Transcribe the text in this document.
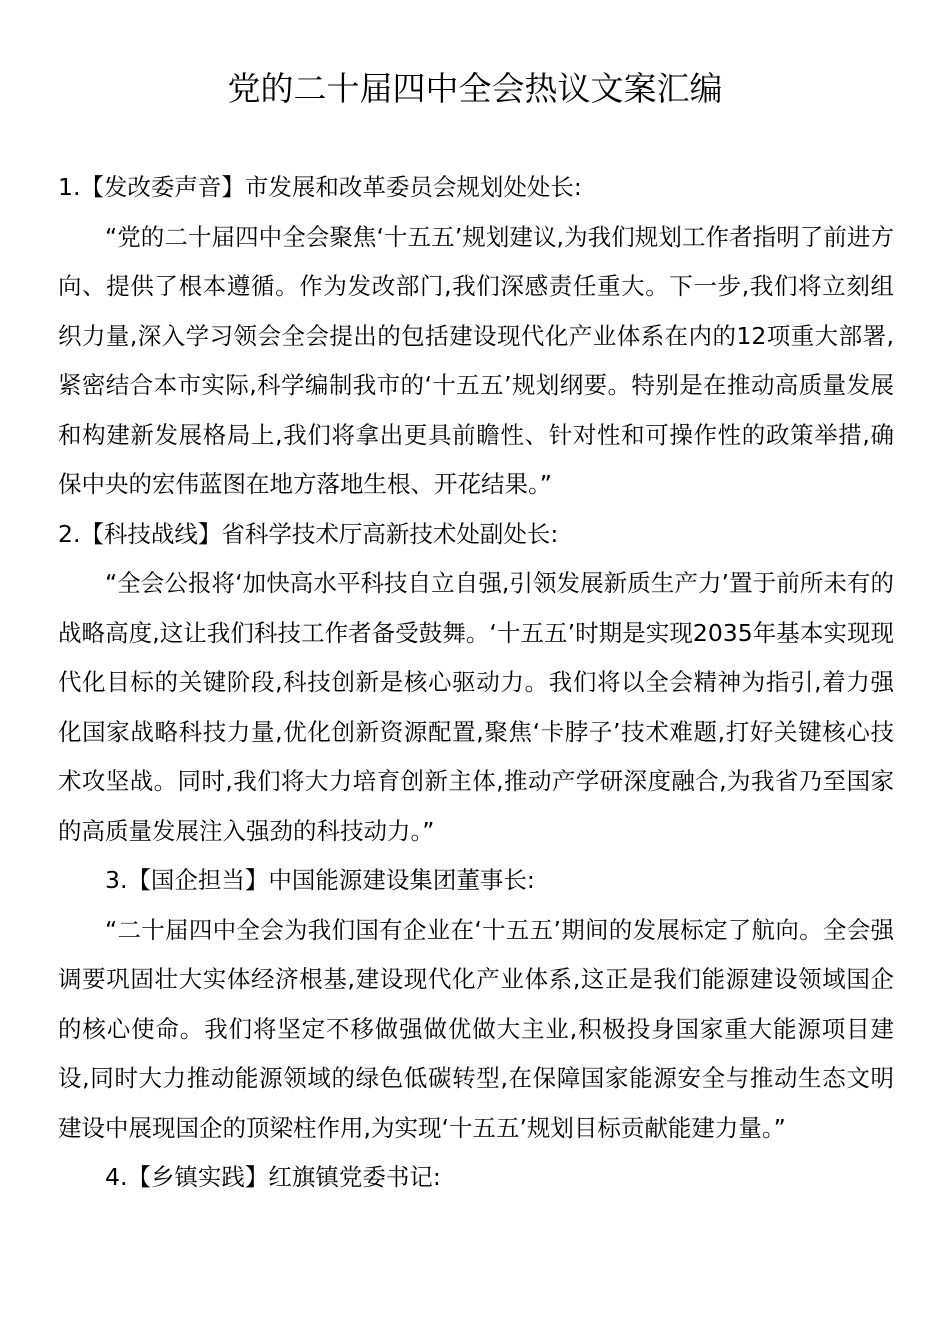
党的二十届四中全会热议文案汇编

1.【发改委声音】市发展和改革委员会规划处处长:

“党的二十届四中全会聚焦‘十五五’规划建议,为我们规划工作者指明了前进方向、提供了根本遵循。作为发改部门,我们深感责任重大。下一步,我们将立刻组织力量,深入学习领会全会提出的包括建设现代化产业体系在内的12项重大部署,紧密结合本市实际,科学编制我市的‘十五五’规划纲要。特别是在推动高质量发展和构建新发展格局上,我们将拿出更具前瞻性、针对性和可操作性的政策举措,确保中央的宏伟蓝图在地方落地生根、开花结果。”

2.【科技战线】省科学技术厅高新技术处副处长:

“全会公报将‘加快高水平科技自立自强,引领发展新质生产力’置于前所未有的战略高度,这让我们科技工作者备受鼓舞。‘十五五’时期是实现2035年基本实现现代化目标的关键阶段,科技创新是核心驱动力。我们将以全会精神为指引,着力强化国家战略科技力量,优化创新资源配置,聚焦‘卡脖子’技术难题,打好关键核心技术攻坚战。同时,我们将大力培育创新主体,推动产学研深度融合,为我省乃至国家的高质量发展注入强劲的科技动力。”

3.【国企担当】中国能源建设集团董事长:

“二十届四中全会为我们国有企业在‘十五五’期间的发展标定了航向。全会强调要巩固壮大实体经济根基,建设现代化产业体系,这正是我们能源建设领域国企的核心使命。我们将坚定不移做强做优做大主业,积极投身国家重大能源项目建设,同时大力推动能源领域的绿色低碳转型,在保障国家能源安全与推动生态文明建设中展现国企的顶梁柱作用,为实现‘十五五’规划目标贡献能建力量。”

4.【乡镇实践】红旗镇党委书记:
